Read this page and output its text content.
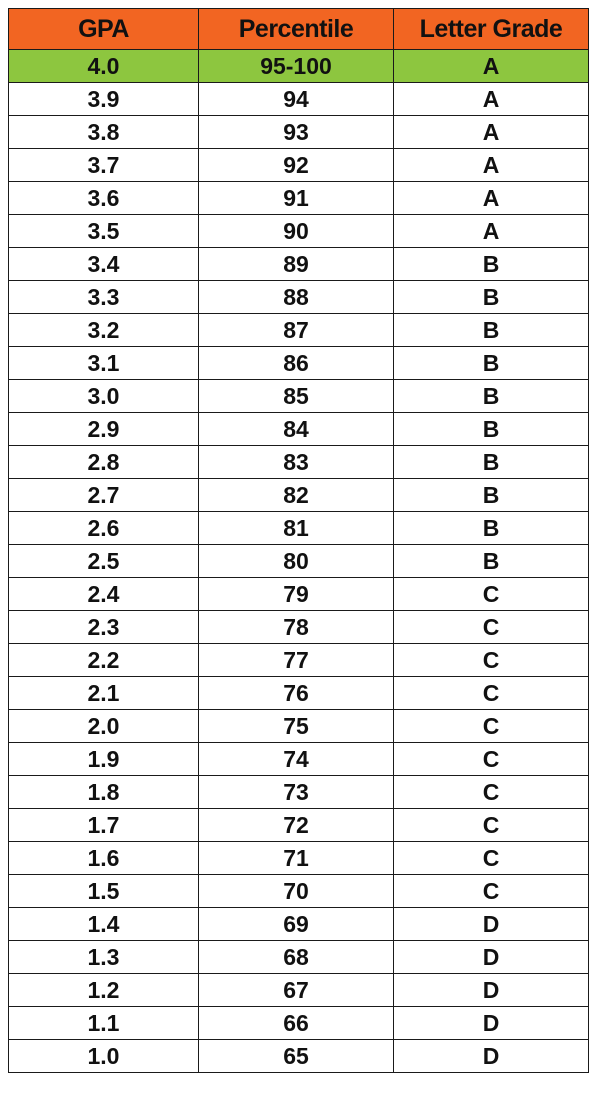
GPA	Percentile	Letter Grade
4.0	95-100	A
3.9	94	A
3.8	93	A
3.7	92	A
3.6	91	A
3.5	90	A
3.4	89	B
3.3	88	B
3.2	87	B
3.1	86	B
3.0	85	B
2.9	84	B
2.8	83	B
2.7	82	B
2.6	81	B
2.5	80	B
2.4	79	C
2.3	78	C
2.2	77	C
2.1	76	C
2.0	75	C
1.9	74	C
1.8	73	C
1.7	72	C
1.6	71	C
1.5	70	C
1.4	69	D
1.3	68	D
1.2	67	D
1.1	66	D
1.0	65	D
